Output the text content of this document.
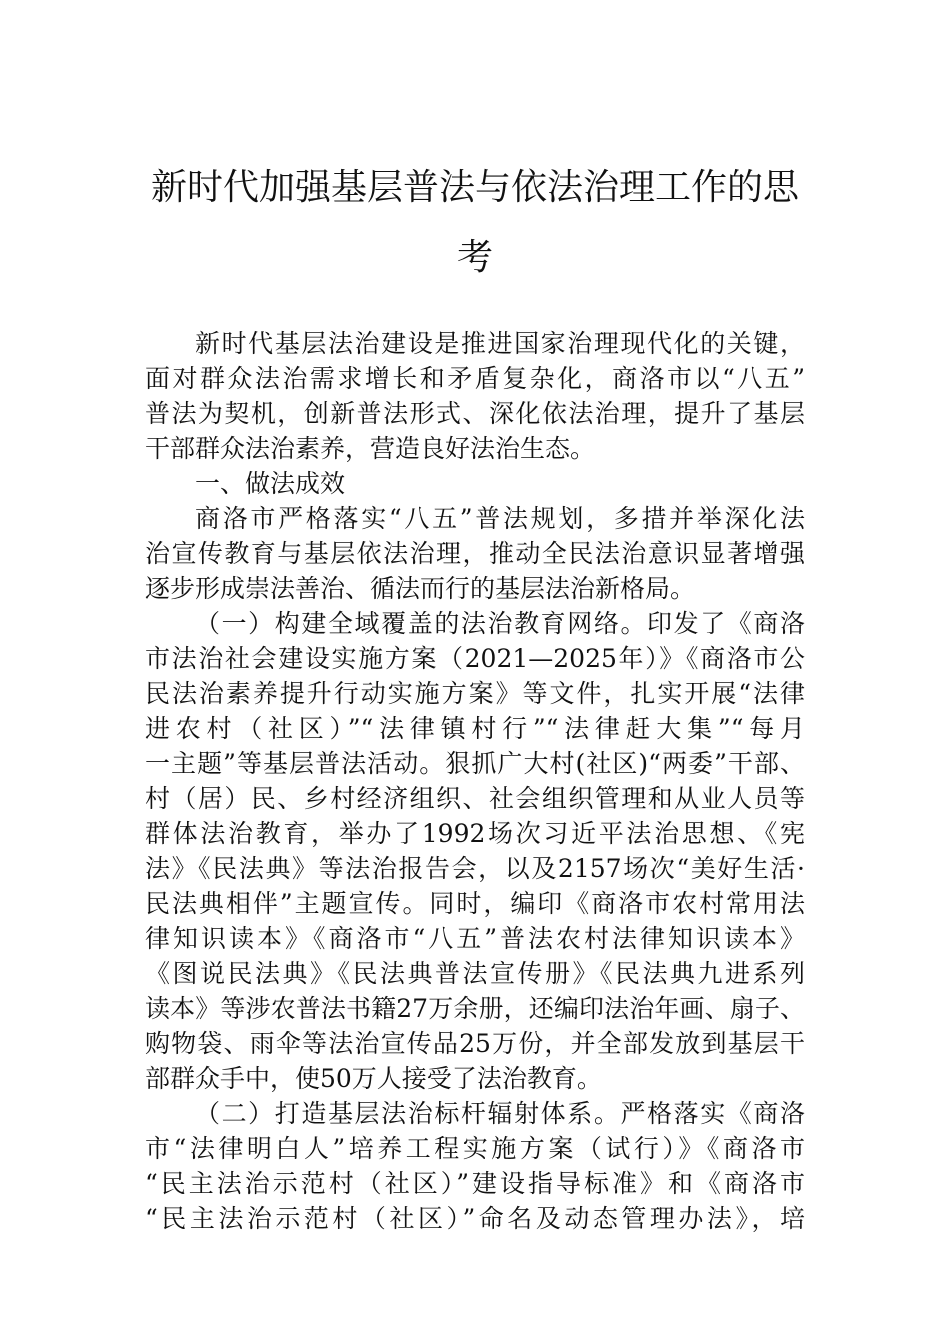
新时代加强基层普法与依法治理工作的思
考
新时代基层法治建设是推进国家治理现代化的关键，
面对群众法治需求增长和矛盾复杂化，商洛市以“八五”
普法为契机，创新普法形式、深化依法治理，提升了基层
干部群众法治素养，营造良好法治生态。
一、做法成效
商洛市严格落实“八五”普法规划，多措并举深化法
治宣传教育与基层依法治理，推动全民法治意识显著增强
逐步形成崇法善治、循法而行的基层法治新格局。
（一）构建全域覆盖的法治教育网络。印发了《商洛
市法治社会建设实施方案（2021—2025年）》《商洛市公
民法治素养提升行动实施方案》等文件，扎实开展“法律
进农村（社区）”“法律镇村行”“法律赶大集”“每月
一主题”等基层普法活动。狠抓广大村(社区)“两委”干部、
村（居）民、乡村经济组织、社会组织管理和从业人员等
群体法治教育，举办了1992场次习近平法治思想、《宪
法》《民法典》等法治报告会，以及2157场次“美好生活·
民法典相伴”主题宣传。同时，编印《商洛市农村常用法
律知识读本》《商洛市“八五”普法农村法律知识读本》
《图说民法典》《民法典普法宣传册》《民法典九进系列
读本》等涉农普法书籍27万余册，还编印法治年画、扇子、
购物袋、雨伞等法治宣传品25万份，并全部发放到基层干
部群众手中，使50万人接受了法治教育。
（二）打造基层法治标杆辐射体系。严格落实《商洛
市“法律明白人”培养工程实施方案（试行）》《商洛市
“民主法治示范村（社区）”建设指导标准》和《商洛市
“民主法治示范村（社区）”命名及动态管理办法》，培
